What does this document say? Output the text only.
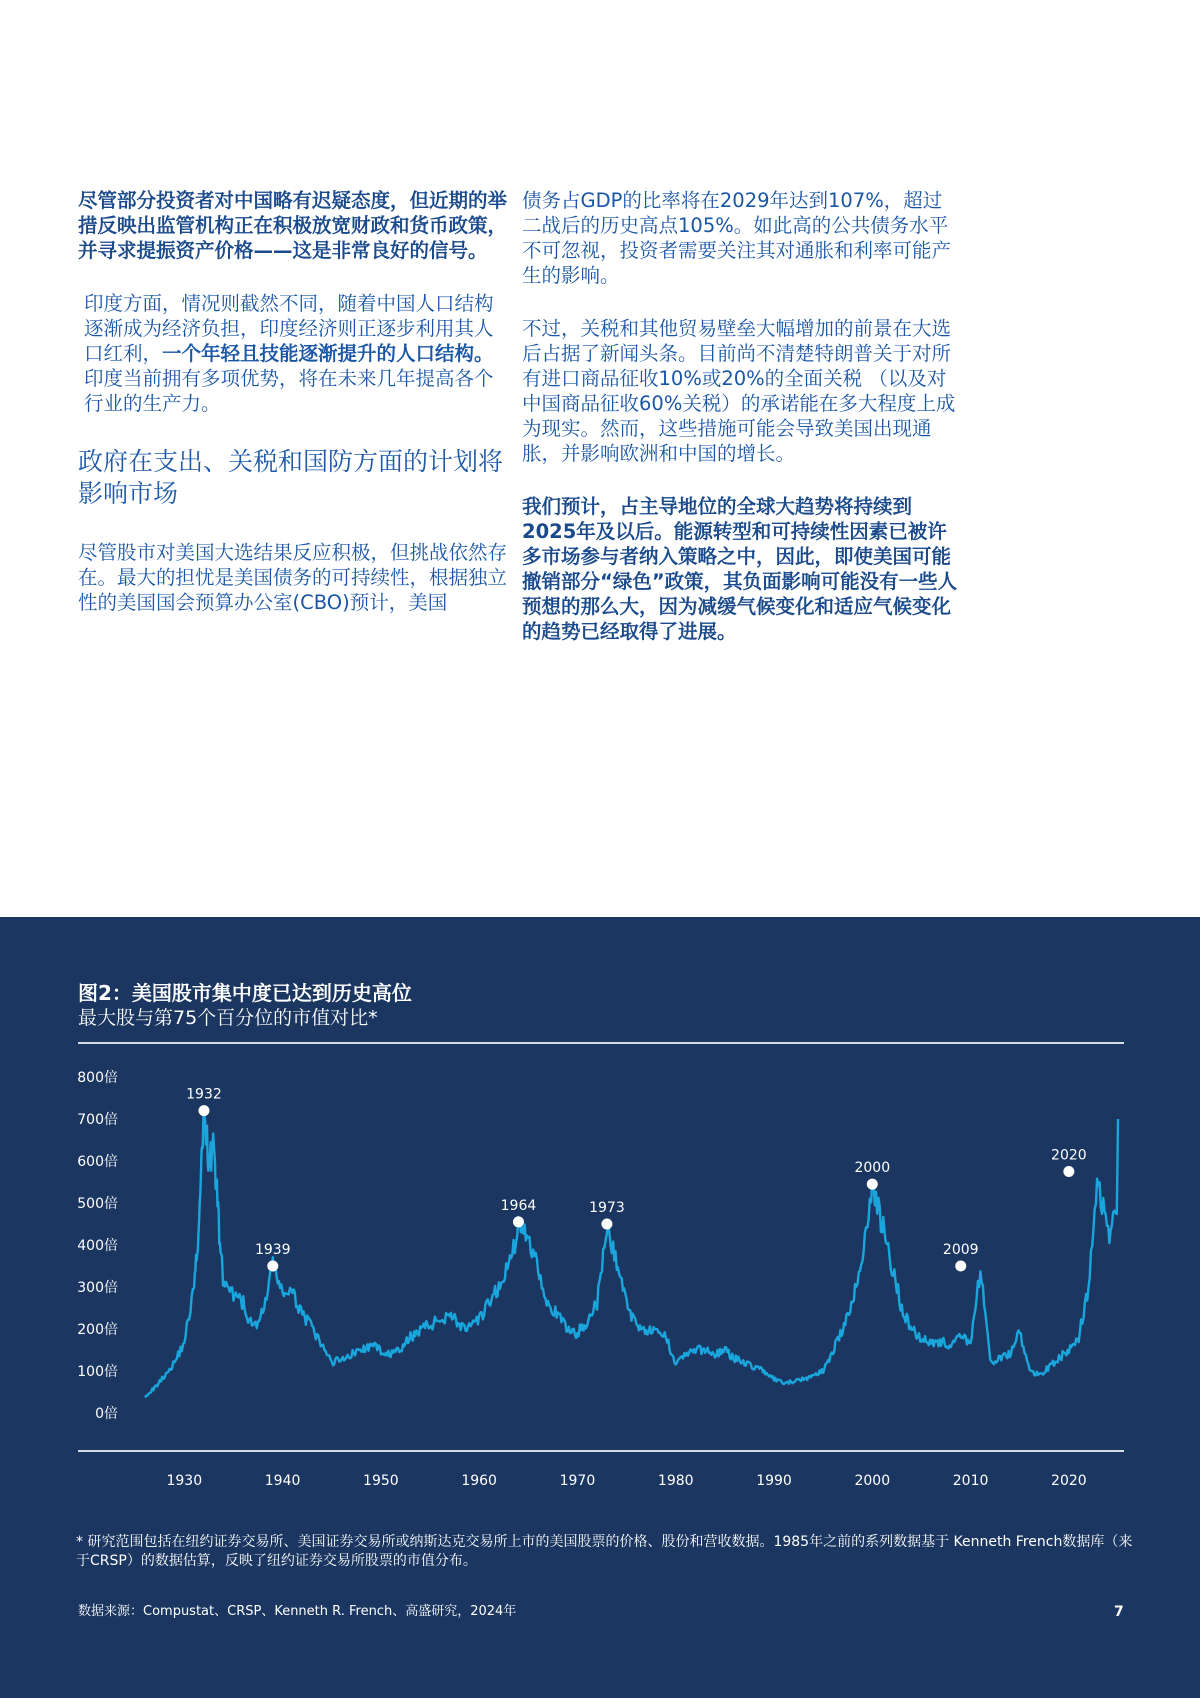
尽管部分投资者对中国略有迟疑态度，但近期的举措反映出监管机构正在积极放宽财政和货币政策，并寻求提振资产价格——这是非常良好的信号。

印度方面，情况则截然不同，随着中国人口结构逐渐成为经济负担，印度经济则正逐步利用其人口红利，一个年轻且技能逐渐提升的人口结构。印度当前拥有多项优势，将在未来几年提高各个行业的生产力。

政府在支出、关税和国防方面的计划将影响市场

尽管股市对美国大选结果反应积极，但挑战依然存在。最大的担忧是美国债务的可持续性，根据独立性的美国国会预算办公室(CBO)预计，美国

债务占GDP的比率将在2029年达到107%，超过二战后的历史高点105%。如此高的公共债务水平不可忽视，投资者需要关注其对通胀和利率可能产生的影响。

不过，关税和其他贸易壁垒大幅增加的前景在大选后占据了新闻头条。目前尚不清楚特朗普关于对所有进口商品征收10%或20%的全面关税 （以及对中国商品征收60%关税）的承诺能在多大程度上成为现实。然而，这些措施可能会导致美国出现通胀，并影响欧洲和中国的增长。

我们预计，占主导地位的全球大趋势将持续到2025年及以后。能源转型和可持续性因素已被许多市场参与者纳入策略之中，因此，即使美国可能撤销部分“绿色”政策，其负面影响可能没有一些人预想的那么大，因为减缓气候变化和适应气候变化的趋势已经取得了进展。

图2：美国股市集中度已达到历史高位
最大股与第75个百分位的市值对比*
0倍
100倍
200倍
300倍
400倍
500倍
600倍
700倍
800倍
1930	1940	1950	1960	1970	1980	1990	2000	2010	2020
1932
1939
1964	1973
2000
2009
2020
* 研究范围包括在纽约证券交易所、美国证券交易所或纳斯达克交易所上市的美国股票的价格、股份和营收数据。1985年之前的系列数据基于 Kenneth French数据库（来于CRSP）的数据估算，反映了纽约证券交易所股票的市值分布。
数据来源：Compustat、CRSP、Kenneth R. French、高盛研究，2024年	7
